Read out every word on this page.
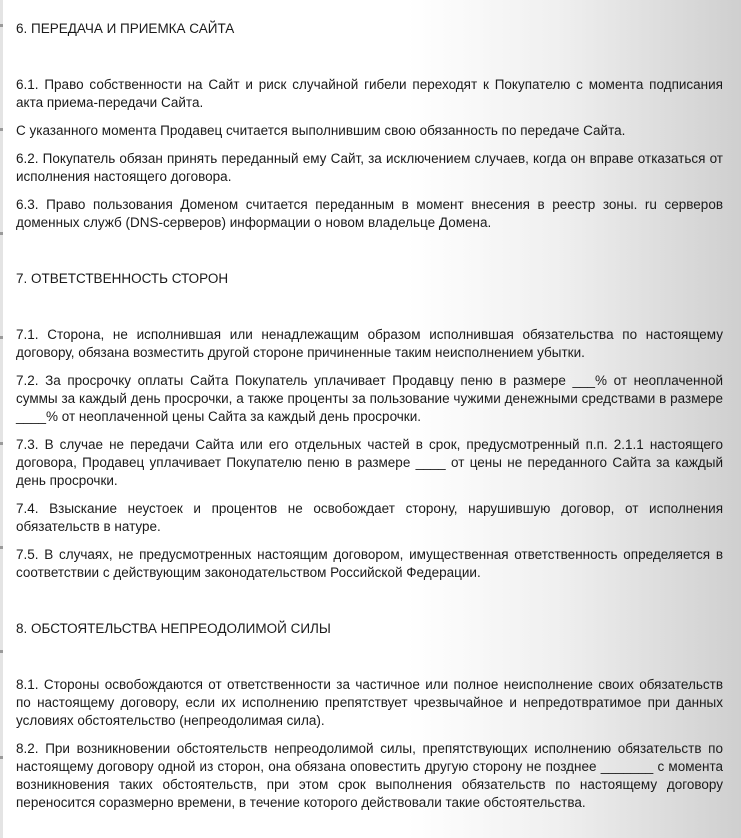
6. ПЕРЕДАЧА И ПРИЕМКА САЙТА
6.1. Право собственности на Сайт и риск случайной гибели переходят к Покупателю с момента подписания акта приема-передачи Сайта.
С указанного момента Продавец считается выполнившим свою обязанность по передаче Сайта.
6.2. Покупатель обязан принять переданный ему Сайт, за исключением случаев, когда он вправе отказаться от исполнения настоящего договора.
6.3. Право пользования Доменом считается переданным в момент внесения в реестр зоны. ru серверов доменных служб (DNS-серверов) информации о новом владельце Домена.
7. ОТВЕТСТВЕННОСТЬ СТОРОН
7.1. Сторона, не исполнившая или ненадлежащим образом исполнившая обязательства по настоящему договору, обязана возместить другой стороне причиненные таким неисполнением убытки.
7.2. За просрочку оплаты Сайта Покупатель уплачивает Продавцу пеню в размере ___% от неоплаченной суммы за каждый день просрочки, а также проценты за пользование чужими денежными средствами в размере ____% от неоплаченной цены Сайта за каждый день просрочки.
7.3. В случае не передачи Сайта или его отдельных частей в срок, предусмотренный п.п. 2.1.1 настоящего договора, Продавец уплачивает Покупателю пеню в размере ____ от цены не переданного Сайта за каждый день просрочки.
7.4. Взыскание неустоек и процентов не освобождает сторону, нарушившую договор, от исполнения обязательств в натуре.
7.5. В случаях, не предусмотренных настоящим договором, имущественная ответственность определяется в соответствии с действующим законодательством Российской Федерации.
8. ОБСТОЯТЕЛЬСТВА НЕПРЕОДОЛИМОЙ СИЛЫ
8.1. Стороны освобождаются от ответственности за частичное или полное неисполнение своих обязательств по настоящему договору, если их исполнению препятствует чрезвычайное и непредотвратимое при данных условиях обстоятельство (непреодолимая сила).
8.2. При возникновении обстоятельств непреодолимой силы, препятствующих исполнению обязательств по настоящему договору одной из сторон, она обязана оповестить другую сторону не позднее _______ с момента возникновения таких обстоятельств, при этом срок выполнения обязательств по настоящему договору переносится соразмерно времени, в течение которого действовали такие обстоятельства.
